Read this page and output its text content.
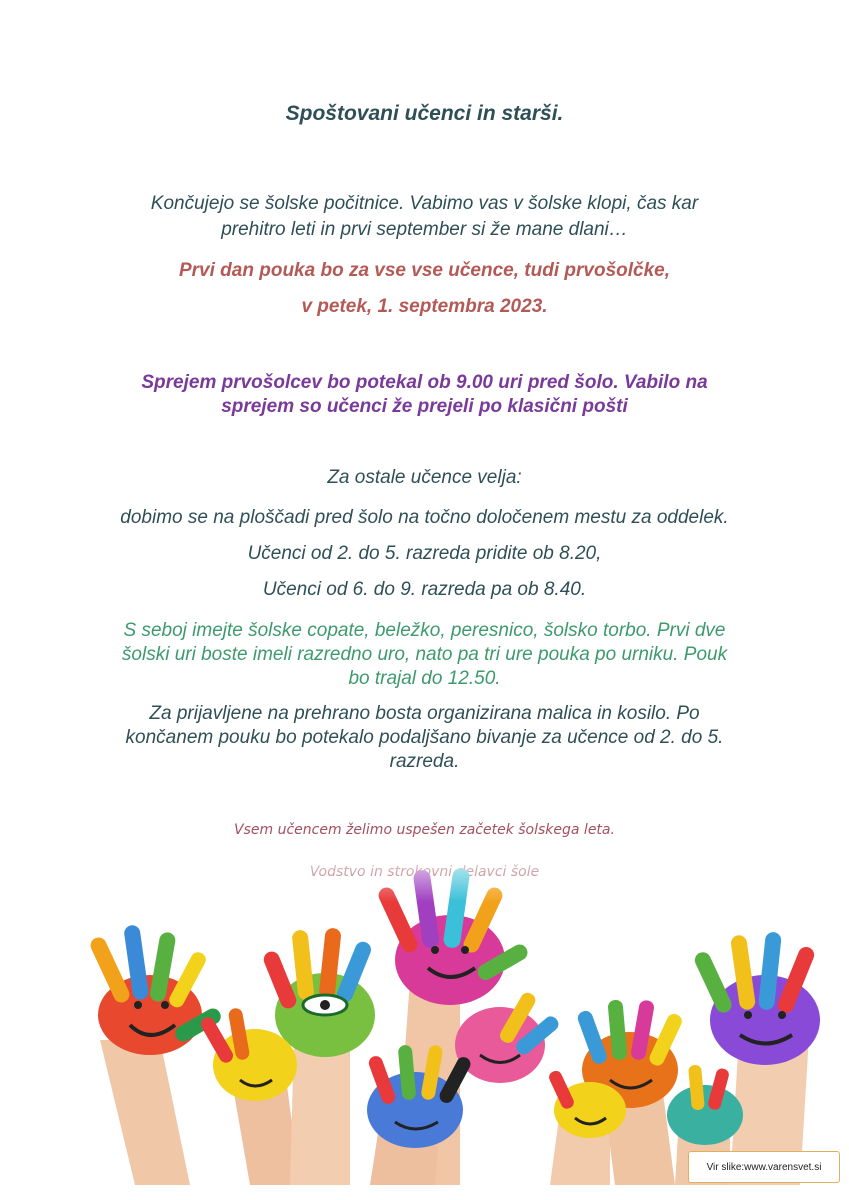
Spoštovani učenci in starši.

Končujejo se šolske počitnice. Vabimo vas v šolske klopi, čas kar

prehitro leti in prvi september si že mane dlani…

Prvi dan pouka bo za vse vse učence, tudi prvošolčke,

v petek, 1. septembra 2023.

Sprejem prvošolcev bo potekal ob 9.00 uri pred šolo. Vabilo na

sprejem so učenci že prejeli po klasični pošti

Za ostale učence velja:

dobimo se na ploščadi pred šolo na točno določenem mestu za oddelek.

Učenci od 2. do 5. razreda pridite ob 8.20,

Učenci od 6. do 9. razreda pa ob 8.40.

S seboj imejte šolske copate, beležko, peresnico, šolsko torbo. Prvi dve

šolski uri boste imeli razredno uro, nato pa tri ure pouka po urniku. Pouk

bo trajal do 12.50.

Za prijavljene na prehrano bosta organizirana malica in kosilo. Po

končanem pouku bo potekalo podaljšano bivanje za učence od 2. do 5.

razreda.

Vsem učencem želimo uspešen začetek šolskega leta.
Vir slike:www.varensvet.si
